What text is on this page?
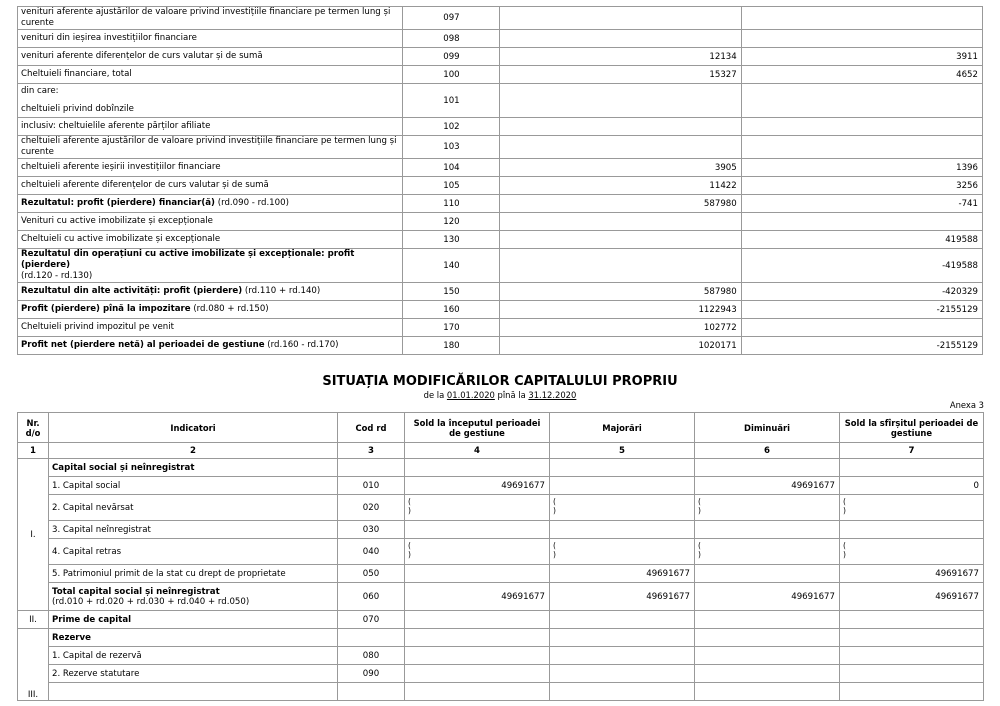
venituri aferente ajustărilor de valoare privind investițiile financiare pe termen lung și curente	097		
venituri din ieșirea investițiilor financiare	098		
venituri aferente diferențelor de curs valutar și de sumă	099	12134	3911
Cheltuieli financiare, total	100	15327	4652
din care:
cheltuieli privind dobînzile	101		
inclusiv: cheltuielile aferente părților afiliate	102		
cheltuieli aferente ajustărilor de valoare privind investițiile financiare pe termen lung și curente	103		
cheltuieli aferente ieșirii investițiilor financiare	104	3905	1396
cheltuieli aferente diferențelor de curs valutar și de sumă	105	11422	3256
Rezultatul: profit (pierdere) financiar(ă) (rd.090 - rd.100)	110	587980	-741
Venituri cu active imobilizate și excepționale	120		
Cheltuieli cu active imobilizate și excepționale	130		419588
Rezultatul din operațiuni cu active imobilizate și excepționale: profit (pierdere)
(rd.120 - rd.130)	140		-419588
Rezultatul din alte activități: profit (pierdere) (rd.110 + rd.140)	150	587980	-420329
Profit (pierdere) pînă la impozitare (rd.080 + rd.150)	160	1122943	-2155129
Cheltuieli privind impozitul pe venit	170	102772	
Profit net (pierdere netă) al perioadei de gestiune (rd.160 - rd.170)	180	1020171	-2155129
SITUAȚIA MODIFICĂRILOR CAPITALULUI PROPRIU
de la 01.01.2020 pînă la 31.12.2020
Anexa 3
Nr. d/o	Indicatori	Cod rd	Sold la începutul perioadei de gestiune	Majorări	Diminuări	Sold la sfîrșitul perioadei de gestiune
1	2	3	4	5	6	7
I.	Capital social și neînregistrat					
	1. Capital social	010	49691677		49691677	0
	2. Capital nevărsat	020	(
)	(
)	(
)	(
)

	3. Capital neînregistrat	030				
	4. Capital retras	040	(
)	(
)	(
)	(
)

	5. Patrimoniul primit de la stat cu drept de proprietate	050		49691677		49691677

	Total capital social și neînregistrat
(rd.010 + rd.020 + rd.030 + rd.040 + rd.050)	060	49691677	49691677	49691677	49691677
II.	Prime de capital	070				
III.	Rezerve					
	1. Capital de rezervă	080				
	2. Rezerve statutare	090				
